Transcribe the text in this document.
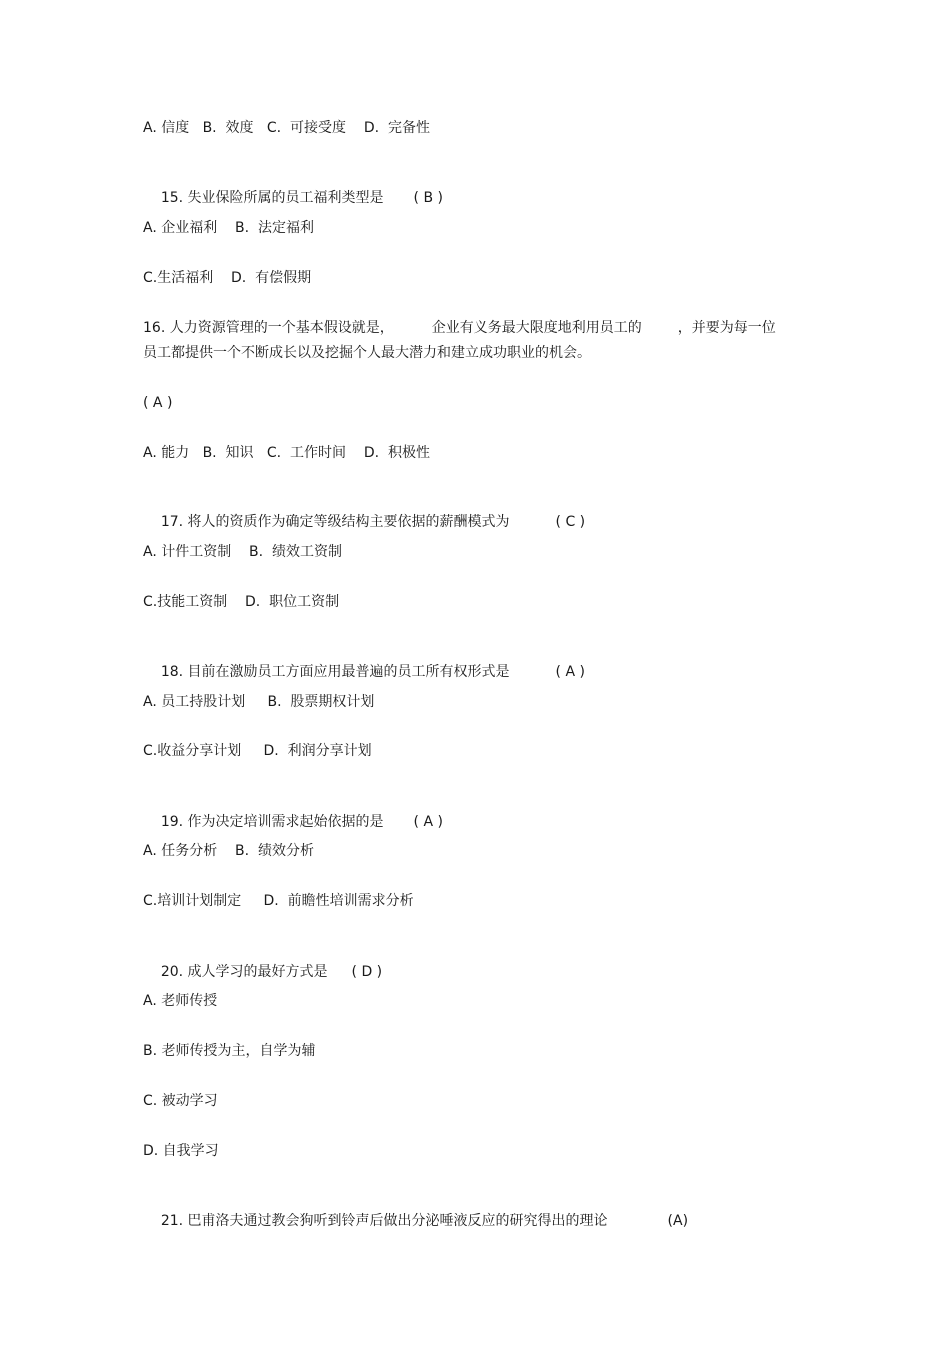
A. 信度   B.  效度   C.  可接受度    D.  完备性

15. 失业保险所属的员工福利类型是 ( B )

A. 企业福利    B.  法定福利
C.生活福利    D.  有偿假期
16. 人力资源管理的一个基本假设就是，	企业有义务最大限度地利用员工的	，并要为每一位
员工都提供一个不断成长以及挖掘个人最大潜力和建立成功职业的机会。
( A )
A. 能力   B.  知识   C.  工作时间    D.  积极性

17. 将人的资质作为确定等级结构主要依据的薪酬模式为	( C )

A. 计件工资制    B.  绩效工资制
C.技能工资制    D.  职位工资制

18. 目前在激励员工方面应用最普遍的员工所有权形式是	( A )

A. 员工持股计划     B.  股票期权计划
C.收益分享计划     D.  利润分享计划

19. 作为决定培训需求起始依据的是 ( A )

A. 任务分析    B.  绩效分析
C.培训计划制定     D.  前瞻性培训需求分析

20. 成人学习的最好方式是 ( D )

A. 老师传授
B. 老师传授为主，自学为辅
C. 被动学习
D. 自我学习

21. 巴甫洛夫通过教会狗听到铃声后做出分泌唾液反应的研究得出的理论	(A)
